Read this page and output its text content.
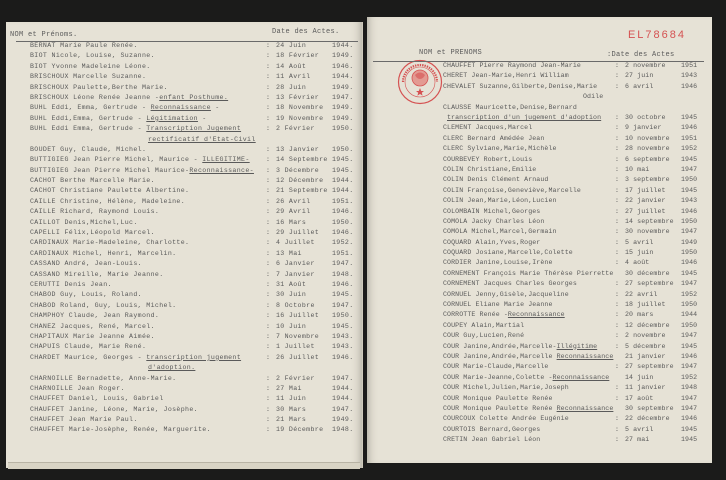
NOM et Prénoms.	Date des Actes.
BERNAT Marie Paule Renée.	: 24 Juin	1944.
BIOT Nicole, Louise, Suzanne.	: 18 Février 1949.
BIOT Yvonne Madeleine Léone.	: 14 Août	1946.
BRISCHOUX Marcelle Suzanne.	: 11 Avril	1944.
BRISCHOUX Paulette,Berthe Marie.	: 28 Juin	1949.
BRISCHOUX Léone Renée Jeanne -enfant Posthume.	: 13 Février 1947.
BUHL Eddi, Emma, Gertrude - Reconnaissance -	: 18 Novembre 1949.
BUHL Eddi,Emma, Gertrude - Légitimation -	: 19 Novembre 1949.
BUHL Eddi Emma, Gertrude - Transcription Jugement
rectificatif d'Etat-Civil
: 2 Février	1950.
BOUDET Guy, Claude, Michel.	: 13 Janvier 1950.
BUTTIGIEG Jean Pierre Michel, Maurice - ILLEGITIME- : 14 Septembre 1945.
BUTTIGIEG Jean Pierre Michel Maurice-Reconnaissance- : 3 Décembre 1945.
CACHOT Berthe Marcelle Marie.	: 12 Décembre 1944.
CACHOT Christiane Paulette Albertine.	: 21 Septembre 1944.
CAILLE Christine, Hélène, Madeleine.	: 26 Avril	1951.
CAILLE Richard, Raymond Louis.	: 29 Avril	1946.
CAILLOT Denis,Michel,Luc.	: 16 Mars	1950.
CAPELLI Félix,Léopold Marcel.	: 29 Juillet 1946.
CARDINAUX Marie-Madeleine, Charlotte.	: 4 Juillet	1952.
CARDINAUX Michel, Henri, Marcelin.	: 13 Mai	1951.
CASSAND André, Jean-Louis.	: 6 Janvier	1947.
CASSAND Mireille, Marie Jeanne.	: 7 Janvier	1948.
CERUTTI Denis Jean.	: 31 Août	1946.
CHABOD Guy, Louis, Roland.	: 30 Juin	1945.
CHABOD Roland, Guy, Louis, Michel.	: 8 Octobre	1947.
CHAMPHOY Claude, Jean Raymond.	: 16 Juillet 1950.
CHANEZ Jacques, René, Marcel.	: 10 Juin	1945.
CHAPITAUX Marie Jeanne Aimée.	: 7 Novembre 1943.
CHAPUIS Claude, Marie René.	: 1 Juillet	1943.
CHARDET Maurice, Georges - transcription jugement
d'adoption.
: 26 Juillet 1946.
CHARNOILLE Bernadette, Anne-Marie.	: 2 Février	1947.
CHARNOILLE Jean Roger.	: 27 Mai	1944.
CHAUFFET Daniel, Louis, Gabriel	: 11 Juin	1944.
CHAUFFET Janine, Léone, Marie, Josèphe.	: 30 Mars	1947.
CHAUFFET Jean Marie Paul.	: 21 Mars	1949.
CHAUFFET Marie-Josèphe, Renée, Marguerite.	: 19 Décembre 1948.
EL78684
NOM et PRENOMS	:Date des Actes
CHAUFFET Pierre Raymond Jean-Marie	: 2 novembre 1951
CHERET Jean-Marie,Henri William	: 27 juin	1943
CHEVALET Suzanne,Gilberte,Denise,Marie
Odile
: 6 avril	1946
CLAUSSE Mauricette,Denise,Bernard
transcription d'un jugement d'adoption : 30 octobre 1945
CLEMENT Jacques,Marcel	: 9 janvier	1946
CLERC Bernard Amédée Jean	: 10 novembre 1951
CLERC Sylviane,Marie,Michèle	: 28 novembre 1952
COURBEVEY Robert,Louis	: 6 septembre 1945
COLIN Christiane,Emilie	: 10 mai	1947
COLIN Denis Clément Arnaud	: 3 septembre 1950
COLIN Françoise,Geneviève,Marcelle	: 17 juillet 1945
COLIN Jean,Marie,Léon,Lucien	: 22 janvier 1943
COLOMBAIN Michel,Georges	: 27 juillet 1946
COMOLA Jacky Charles Léon	: 14 septembre 1950
COMOLA Michel,Marcel,Germain	: 30 novembre 1947
COQUARD Alain,Yves,Roger	: 5 avril	1949
COQUARD Josiane,Marcelle,Colette	: 15 juin	1950
CORDIER Janine,Louise,Irène	: 4 août	1946
CORNEMENT François Marie Thérèse Pierrette 30 décembre 1945
CORNEMENT Jacques Charles Georges	: 27 septembre 1947
CORNUEL Jenny,Gisèle,Jacqueline	: 22 avril	1952
CORNUEL Eliane Marie Jeanne	: 18 juillet 1950
CORROTTE Renée -Reconnaissance	: 20 mars	1944
COUPEY Alain,Martial	: 12 décembre 1950
COUR Guy,Lucien,René	: 2 novembre 1947
COUR Janine,Andrée,Marcelle-Illégitime	: 5 décembre 1945
COUR Janine,Andrée,Marcelle Reconnaissance 21 janvier 1946
COUR Marie-Claude,Marcelle	: 27 septembre 1947
COUR Marie-Jeanne,Colette -Reconnaissance 14 juin	1952
COUR Michel,Julien,Marie,Joseph	: 11 janvier 1948
COUR Monique Paulette Renée	: 17 août	1947
COUR Monique Paulette Renée Reconnaissance 30 septembre 1947
COURCOUX Colette Andrée Eugénie	: 22 décembre 1946
COURTOIS Bernard,Georges	: 5 avril	1945
CRETIN Jean Gabriel Léon	: 27 mai	1945
